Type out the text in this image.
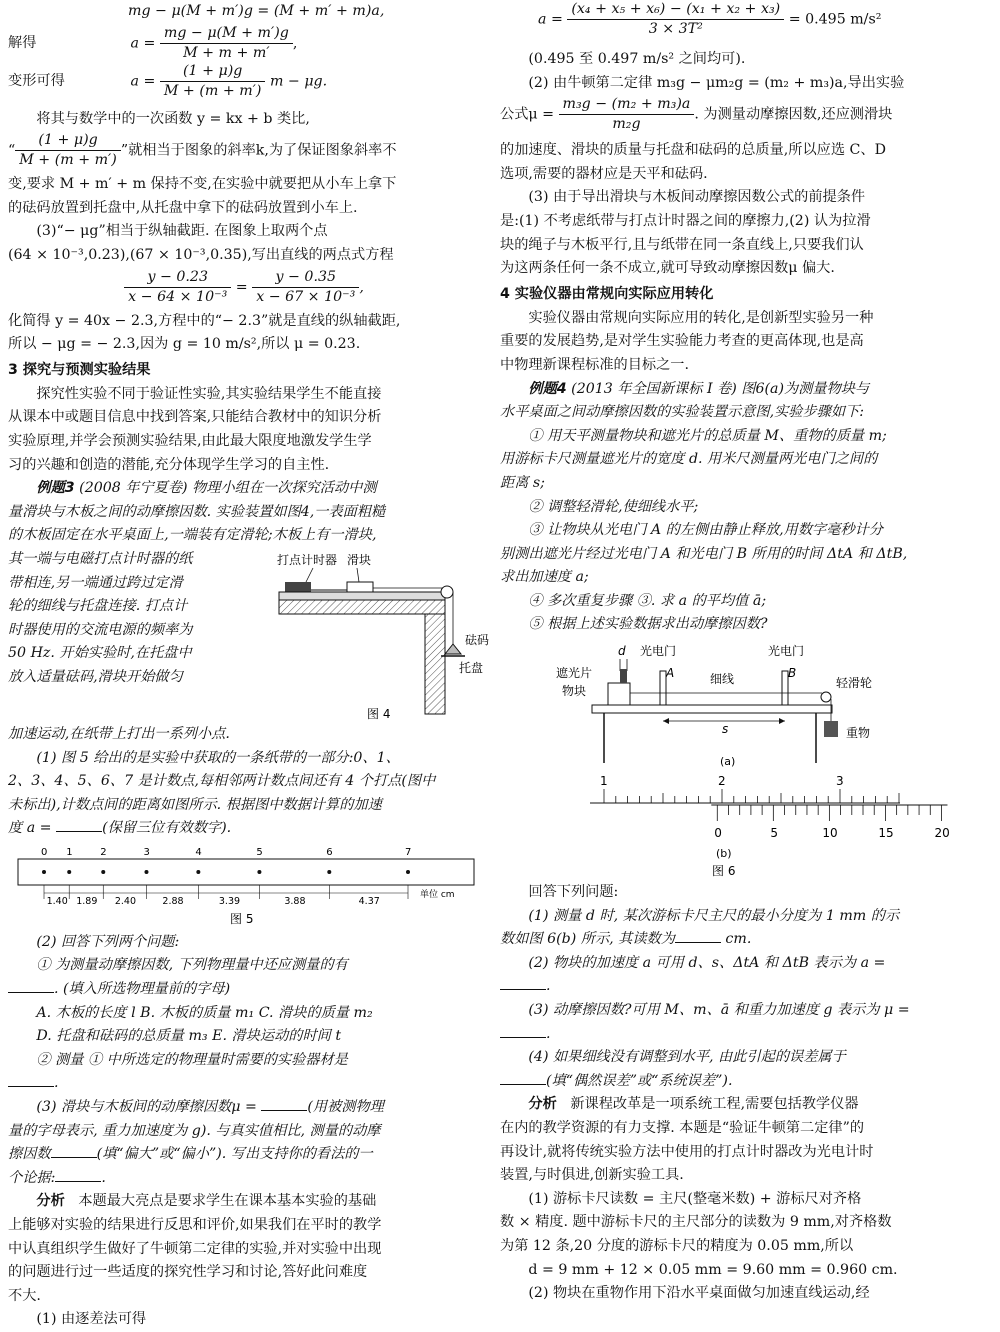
mg − μ(M + m′)g = (M + m′ + m)a,

解得	$a = \frac{mg - \mu(M + m')g}{M + m + m'}$ ,

变形可得	$a = \frac{(1 + \mu)g}{M + (m + m')}$ m − μg.

将其与数学中的一次函数 y = kx + b 类比,

“ $\frac{(1 + \mu)g}{M + (m + m')}$ ”就相当于图象的斜率k,为了保证图象斜率不

变,要求 M + m′ + m 保持不变,在实验中就要把从小车上拿下

的砝码放置到托盘中,从托盘中拿下的砝码放置到小车上.

(3)“− μg”相当于纵轴截距. 在图象上取两个点

(64 × 10⁻³,0.23),(67 × 10⁻³,0.35),写出直线的两点式方程

$\frac{y - 0.23}{\text{x − 64 × 10⁻³}} = \frac{y - 0.35}{\text{x − 67 × 10⁻³}}$ ,

化简得 y = 40x − 2.3,方程中的“− 2.3”就是直线的纵轴截距,

所以 − μg = − 2.3,因为 g = 10 m/s²,所以 μ = 0.23.

3 探究与预测实验结果

探究性实验不同于验证性实验,其实验结果学生不能直接

从课本中或题目信息中找到答案,只能结合教材中的知识分析

实验原理,并学会预测实验结果,由此最大限度地激发学生学

习的兴趣和创造的潜能,充分体现学生学习的自主性.

例题3 (2008 年宁夏卷) 物理小组在一次探究活动中测

量滑块与木板之间的动摩擦因数. 实验装置如图4,一表面粗糙

的木板固定在水平桌面上,一端装有定滑轮;木板上有一滑块,

打点计时器 滑块
砝码
托盘
图 4

其一端与电磁打点计时器的纸

带相连,另一端通过跨过定滑

轮的细线与托盘连接. 打点计

时器使用的交流电源的频率为

50 Hz. 开始实验时,在托盘中

放入适量砝码,滑块开始做匀

加速运动,在纸带上打出一系列小点.

(1) 图 5 给出的是实验中获取的一条纸带的一部分:0、1、

2、3、4、5、6、7 是计数点,每相邻两计数点间还有 4 个打点(图中

未标出),计数点间的距离如图所示. 根据图中数据计算的加速

度 a =	(保留三位有效数字).

0 1	2	3	4	5	6	7
1.40 1.89 2.40	2.88	3.39	3.88	4.37
单位 cm
图 5

(2) 回答下列两个问题:

① 为测量动摩擦因数, 下列物理量中还应测量的有

. (填入所选物理量前的字母)

A. 木板的长度 l B. 木板的质量 m₁ C. 滑块的质量 m₂

D. 托盘和砝码的总质量 m₃ E. 滑块运动的时间 t

② 测量 ① 中所选定的物理量时需要的实验器材是

.

(3) 滑块与木板间的动摩擦因数μ =	(用被测物理

量的字母表示, 重力加速度为 g). 与真实值相比, 测量的动摩

擦因数	(填“偏大”或“偏小”). 写出支持你的看法的一

个论据:	.

分析 本题最大亮点是要求学生在课本基本实验的基础

上能够对实验的结果进行反思和评价,如果我们在平时的教学

中认真组织学生做好了牛顿第二定律的实验,并对实验中出现

的问题进行过一些适度的探究性学习和讨论,答好此问难度

不大.

(1) 由逐差法可得

$a = \frac{\text{(x₄ + x₅ + x₆) − (x₁ + x₂ + x₃)}}{\text{3 × 3T²}} = 0.495$ m/s²

(0.495 至 0.497 m/s² 之间均可).

(2) 由牛顿第二定律 m₃g − μm₂g = (m₂ + m₃)a,导出实验

公式$\mu = \frac{\text{m₃g − (m₂ + m₃)a}}{\text{m₂g}}$ . 为测量动摩擦因数,还应测滑块

的加速度、滑块的质量与托盘和砝码的总质量,所以应选 C、D

选项,需要的器材应是天平和砝码.

(3) 由于导出滑块与木板间动摩擦因数公式的前提条件

是:(1) 不考虑纸带与打点计时器之间的摩擦力,(2) 认为拉滑

块的绳子与木板平行,且与纸带在同一条直线上,只要我们认

为这两条任何一条不成立,就可导致动摩擦因数μ 偏大.

4 实验仪器由常规向实际应用转化

实验仪器由常规向实际应用的转化,是创新型实验另一种

重要的发展趋势,是对学生实验能力考查的更高体现,也是高

中物理新课程标准的目标之一.

例题4 (2013 年全国新课标 Ⅰ 卷) 图6(a)为测量物块与

水平桌面之间动摩擦因数的实验装置示意图,实验步骤如下:

① 用天平测量物块和遮光片的总质量 M、重物的质量 m;

用游标卡尺测量遮光片的宽度 d. 用米尺测量两光电门之间的

距离 s;

② 调整轻滑轮,使细线水平;

③ 让物块从光电门 A 的左侧由静止释放,用数字毫秒计分

别测出遮光片经过光电门 A 和光电门 B 所用的时间 ΔtA 和 ΔtB,

求出加速度 a;

④ 多次重复步骤 ③. 求 a 的平均值 ā;

⑤ 根据上述实验数据求出动摩擦因数?

d 光电门	光电门
遮光片
物块
A	B
细线	轻滑轮
重物
s
(a)

1	2	3
0	5	10	15	20
(b)
图 6

回答下列问题:

(1) 测量 d 时, 某次游标卡尺主尺的最小分度为 1 mm 的示

数如图 6(b) 所示, 其读数为	cm.

(2) 物块的加速度 a 可用 d、s、ΔtA 和 ΔtB 表示为 a =

.

(3) 动摩擦因数?可用 M、m、ā 和重力加速度 g 表示为 μ =

.

(4) 如果细线没有调整到水平, 由此引起的误差属于

(填“偶然误差”或“系统误差”).

分析 新课程改革是一项系统工程,需要包括教学仪器

在内的教学资源的有力支撑. 本题是“验证牛顿第二定律”的

再设计,就将传统实验方法中使用的打点计时器改为光电计时

装置,与时俱进,创新实验工具.

(1) 游标卡尺读数 = 主尺(整毫米数) + 游标尺对齐格

数 × 精度. 题中游标卡尺的主尺部分的读数为 9 mm,对齐格数

为第 12 条,20 分度的游标卡尺的精度为 0.05 mm,所以

d = 9 mm + 12 × 0.05 mm = 9.60 mm = 0.960 cm.

(2) 物块在重物作用下沿水平桌面做匀加速直线运动,经
